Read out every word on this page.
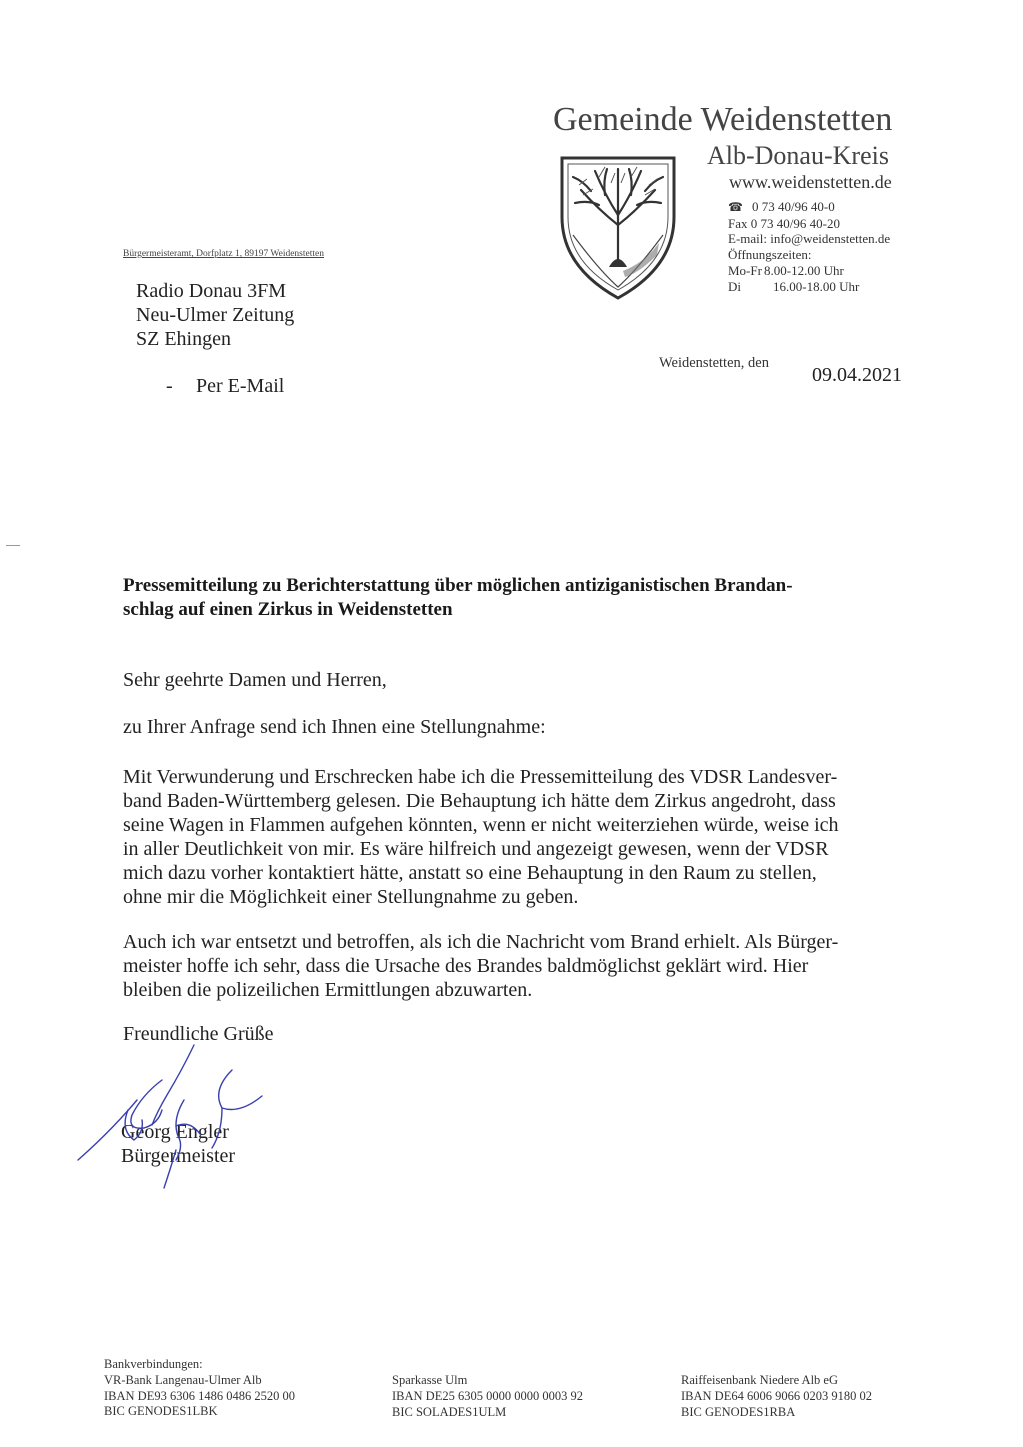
Gemeinde Weidenstetten
Alb-Donau-Kreis
www.weidenstetten.de
☎ 0 73 40/96 40-0
Fax 0 73 40/96 40-20
E-mail: info@weidenstetten.de
Öffnungszeiten:
Mo-Fr 8.00-12.00 Uhr
Di 16.00-18.00 Uhr
Bürgermeisteramt, Dorfplatz 1, 89197 Weidenstetten
Radio Donau 3FM
Neu-Ulmer Zeitung
SZ Ehingen
- Per E-Mail
Weidenstetten, den
09.04.2021
Pressemitteilung zu Berichterstattung über möglichen antiziganistischen Brandan-
schlag auf einen Zirkus in Weidenstetten
Sehr geehrte Damen und Herren,
zu Ihrer Anfrage send ich Ihnen eine Stellungnahme:
Mit Verwunderung und Erschrecken habe ich die Pressemitteilung des VDSR Landesver-
band Baden-Württemberg gelesen. Die Behauptung ich hätte dem Zirkus angedroht, dass
seine Wagen in Flammen aufgehen könnten, wenn er nicht weiterziehen würde, weise ich
in aller Deutlichkeit von mir. Es wäre hilfreich und angezeigt gewesen, wenn der VDSR
mich dazu vorher kontaktiert hätte, anstatt so eine Behauptung in den Raum zu stellen,
ohne mir die Möglichkeit einer Stellungnahme zu geben.
Auch ich war entsetzt und betroffen, als ich die Nachricht vom Brand erhielt. Als Bürger-
meister hoffe ich sehr, dass die Ursache des Brandes baldmöglichst geklärt wird. Hier
bleiben die polizeilichen Ermittlungen abzuwarten.
Freundliche Grüße
Georg Engler
Bürgermeister
Bankverbindungen:
VR-Bank Langenau-Ulmer Alb
IBAN DE93 6306 1486 0486 2520 00
BIC GENODES1LBK
Sparkasse Ulm
IBAN DE25 6305 0000 0000 0003 92
BIC SOLADES1ULM
Raiffeisenbank Niedere Alb eG
IBAN DE64 6006 9066 0203 9180 02
BIC GENODES1RBA
